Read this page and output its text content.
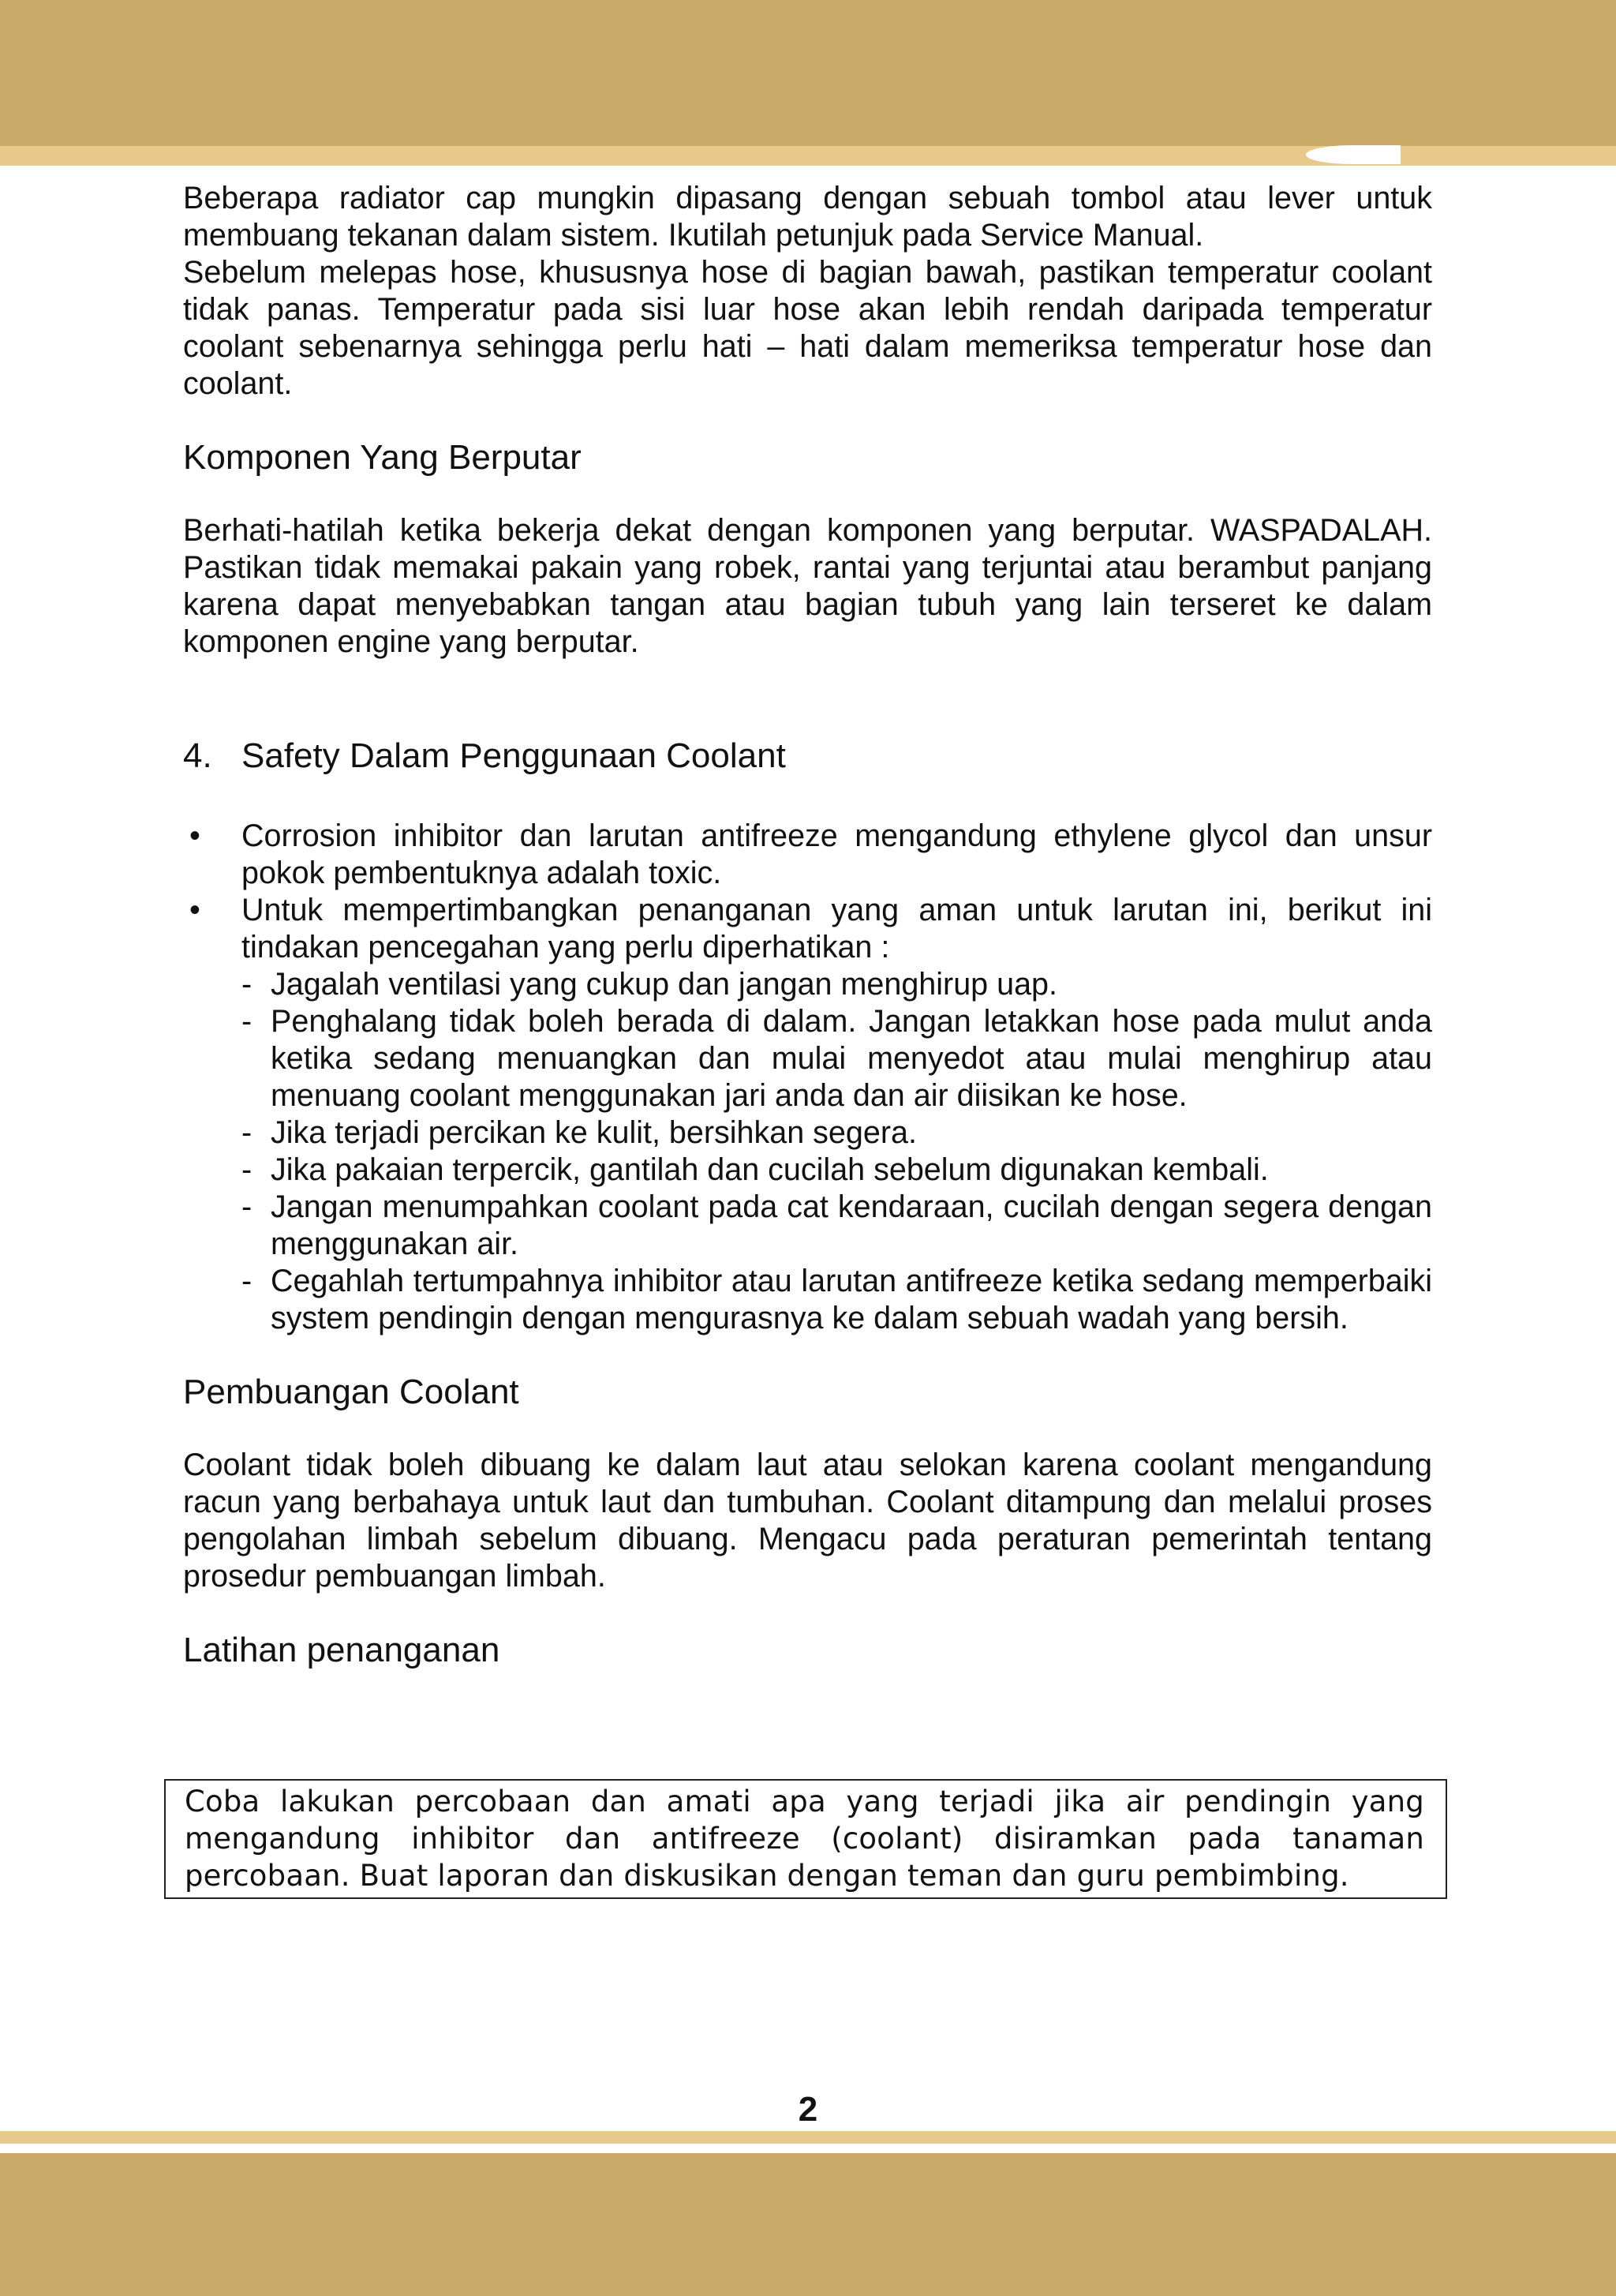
Beberapa radiator cap mungkin dipasang dengan sebuah tombol atau lever untuk membuang tekanan dalam sistem. Ikutilah petunjuk pada Service Manual.

Sebelum melepas hose, khususnya hose di bagian bawah, pastikan temperatur coolant tidak panas. Temperatur pada sisi luar hose akan lebih rendah daripada temperatur coolant sebenarnya sehingga perlu hati – hati dalam memeriksa temperatur hose dan coolant.

Komponen Yang Berputar

Berhati-hatilah ketika bekerja dekat dengan komponen yang berputar. WASPADALAH. Pastikan tidak memakai pakain yang robek, rantai yang terjuntai atau berambut panjang karena dapat menyebabkan tangan atau bagian tubuh yang lain terseret ke dalam komponen engine yang berputar.

4. Safety Dalam Penggunaan Coolant
• Corrosion inhibitor dan larutan antifreeze mengandung ethylene glycol dan unsur pokok pembentuknya adalah toxic.

• Untuk mempertimbangkan penanganan yang aman untuk larutan ini, berikut ini tindakan pencegahan yang perlu diperhatikan :

- Jagalah ventilasi yang cukup dan jangan menghirup uap.
- Penghalang tidak boleh berada di dalam. Jangan letakkan hose pada mulut anda ketika sedang menuangkan dan mulai menyedot atau mulai menghirup atau menuang coolant menggunakan jari anda dan air diisikan ke hose.
- Jika terjadi percikan ke kulit, bersihkan segera.
- Jika pakaian terpercik, gantilah dan cucilah sebelum digunakan kembali.
- Jangan menumpahkan coolant pada cat kendaraan, cucilah dengan segera dengan menggunakan air.
- Cegahlah tertumpahnya inhibitor atau larutan antifreeze ketika sedang memperbaiki system pendingin dengan mengurasnya ke dalam sebuah wadah yang bersih.
Pembuangan Coolant

Coolant tidak boleh dibuang ke dalam laut atau selokan karena coolant mengandung racun yang berbahaya untuk laut dan tumbuhan. Coolant ditampung dan melalui proses pengolahan limbah sebelum dibuang. Mengacu pada peraturan pemerintah tentang prosedur pembuangan limbah.

Latihan penanganan

Coba lakukan percobaan dan amati apa yang terjadi jika air pendingin yang mengandung inhibitor dan antifreeze (coolant) disiramkan pada tanaman percobaan. Buat laporan dan diskusikan dengan teman dan guru pembimbing.

2
